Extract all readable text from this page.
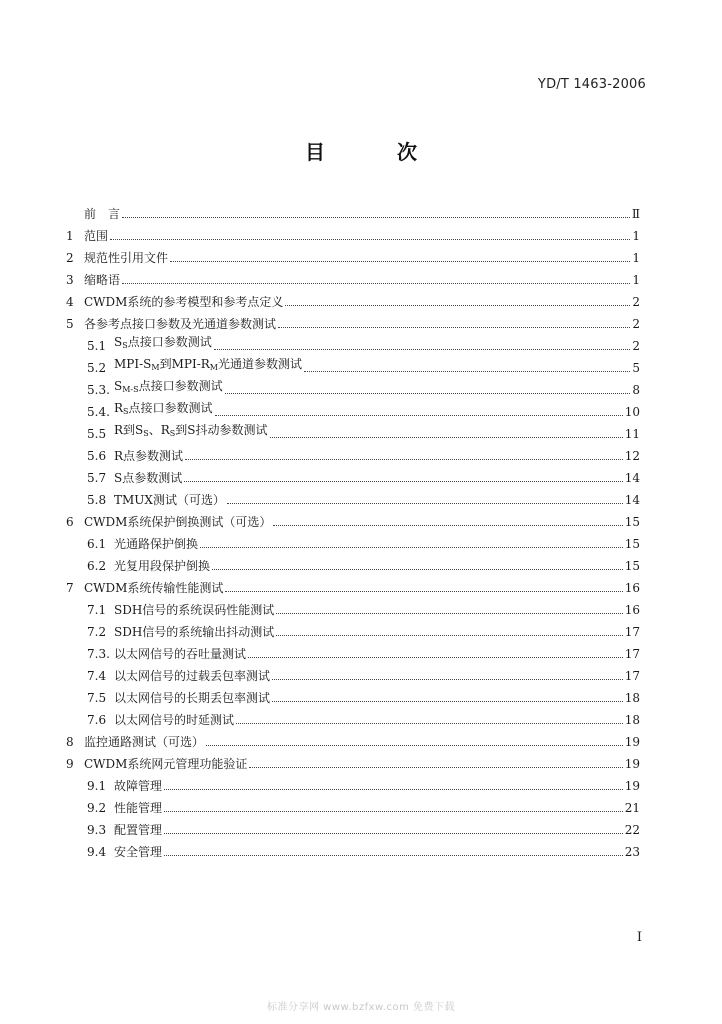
YD/T 1463-2006
目　次
前　言	Ⅱ
1 范围	1
2 规范性引用文件	1
3 缩略语	1
4 CWDM系统的参考模型和参考点定义	2
5 各参考点接口参数及光通道参数测试	2
5.1 SS点接口参数测试	2
5.2 MPI-SM到MPI-RM光通道参数测试	5
5.3. SM-S点接口参数测试	8
5.4. RS点接口参数测试	10
5.5 R到SS、RS到S抖动参数测试	11
5.6 R点参数测试	12
5.7 S点参数测试	14
5.8 TMUX测试（可选）	14
6 CWDM系统保护倒换测试（可选）	15
6.1 光通路保护倒换	15
6.2 光复用段保护倒换	15
7 CWDM系统传输性能测试	16
7.1 SDH信号的系统误码性能测试	16
7.2 SDH信号的系统输出抖动测试	17
7.3. 以太网信号的吞吐量测试	17
7.4 以太网信号的过载丢包率测试	17
7.5 以太网信号的长期丢包率测试	18
7.6 以太网信号的时延测试	18
8 监控通路测试（可选）	19
9 CWDM系统网元管理功能验证	19
9.1 故障管理	19
9.2 性能管理	21
9.3 配置管理	22
9.4 安全管理	23
I
标准分享网 www.bzfxw.com 免费下载
